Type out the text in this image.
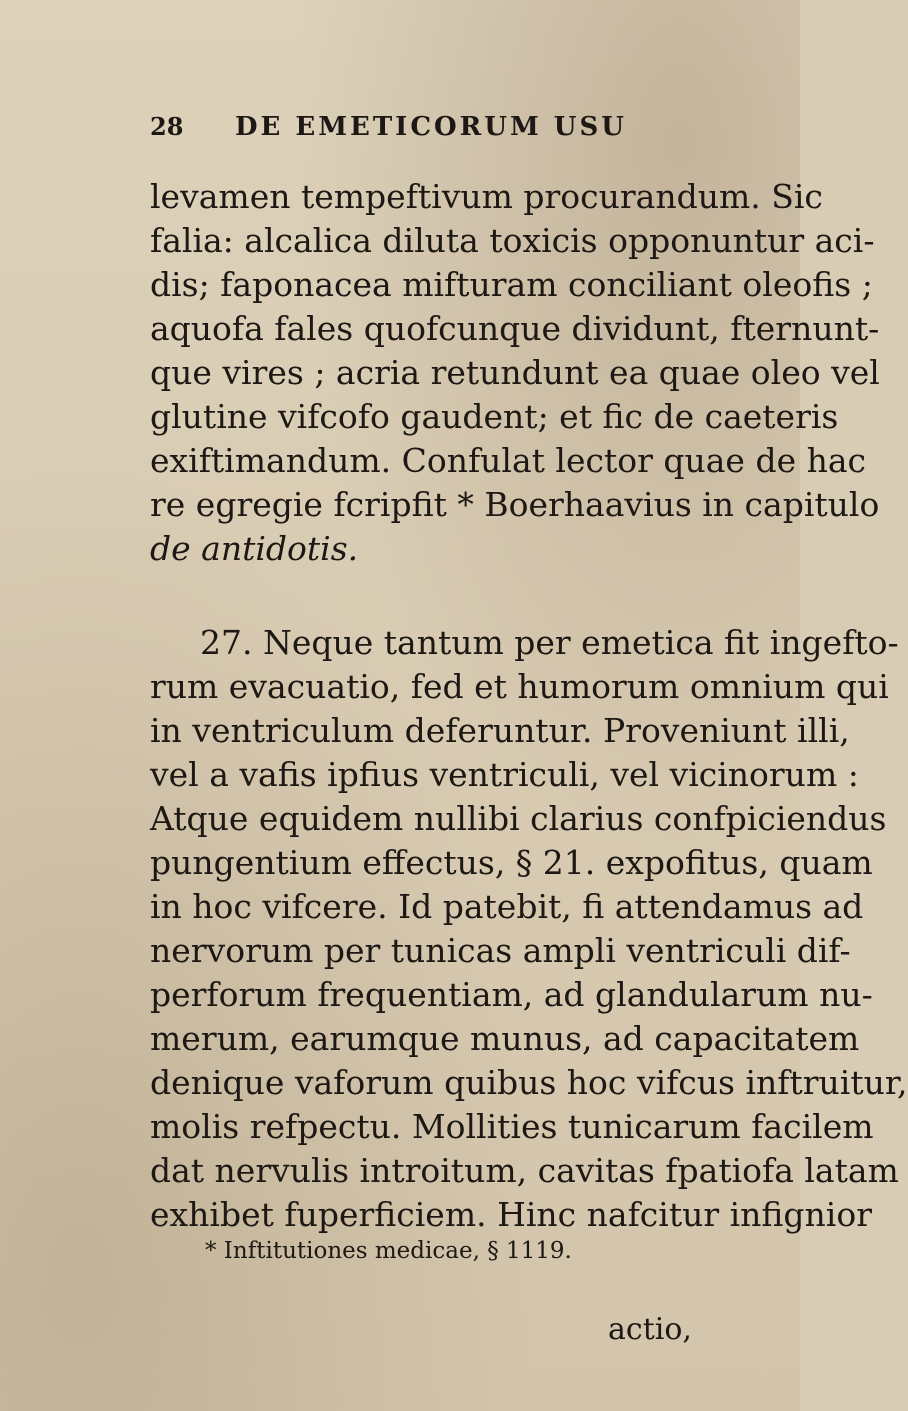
28 DE EMETICORUM USU
levamen tempeftivum procurandum. Sic
falia: alcalica diluta toxicis opponuntur aci-
dis; faponacea mifturam conciliant oleofis ;
aquofa fales quofcunque dividunt, fternunt-
que vires ; acria retundunt ea quae oleo vel
glutine vifcofo gaudent; et fic de caeteris
exiftimandum. Confulat lector quae de hac
re egregie fcripfit * Boerhaavius in capitulo
de antidotis.
27. Neque tantum per emetica fit ingefto-
rum evacuatio, fed et humorum omnium qui
in ventriculum deferuntur. Proveniunt illi,
vel a vafis ipfius ventriculi, vel vicinorum :
Atque equidem nullibi clarius confpiciendus
pungentium effectus, § 21. expofitus, quam
in hoc vifcere. Id patebit, fi attendamus ad
nervorum per tunicas ampli ventriculi dif-
perforum frequentiam, ad glandularum nu-
merum, earumque munus, ad capacitatem
denique vaforum quibus hoc vifcus inftruitur,
molis refpectu. Mollities tunicarum facilem
dat nervulis introitum, cavitas fpatiofa latam
exhibet fuperficiem. Hinc nafcitur infignior
* Inftitutiones medicae, § 1119.
actio,
